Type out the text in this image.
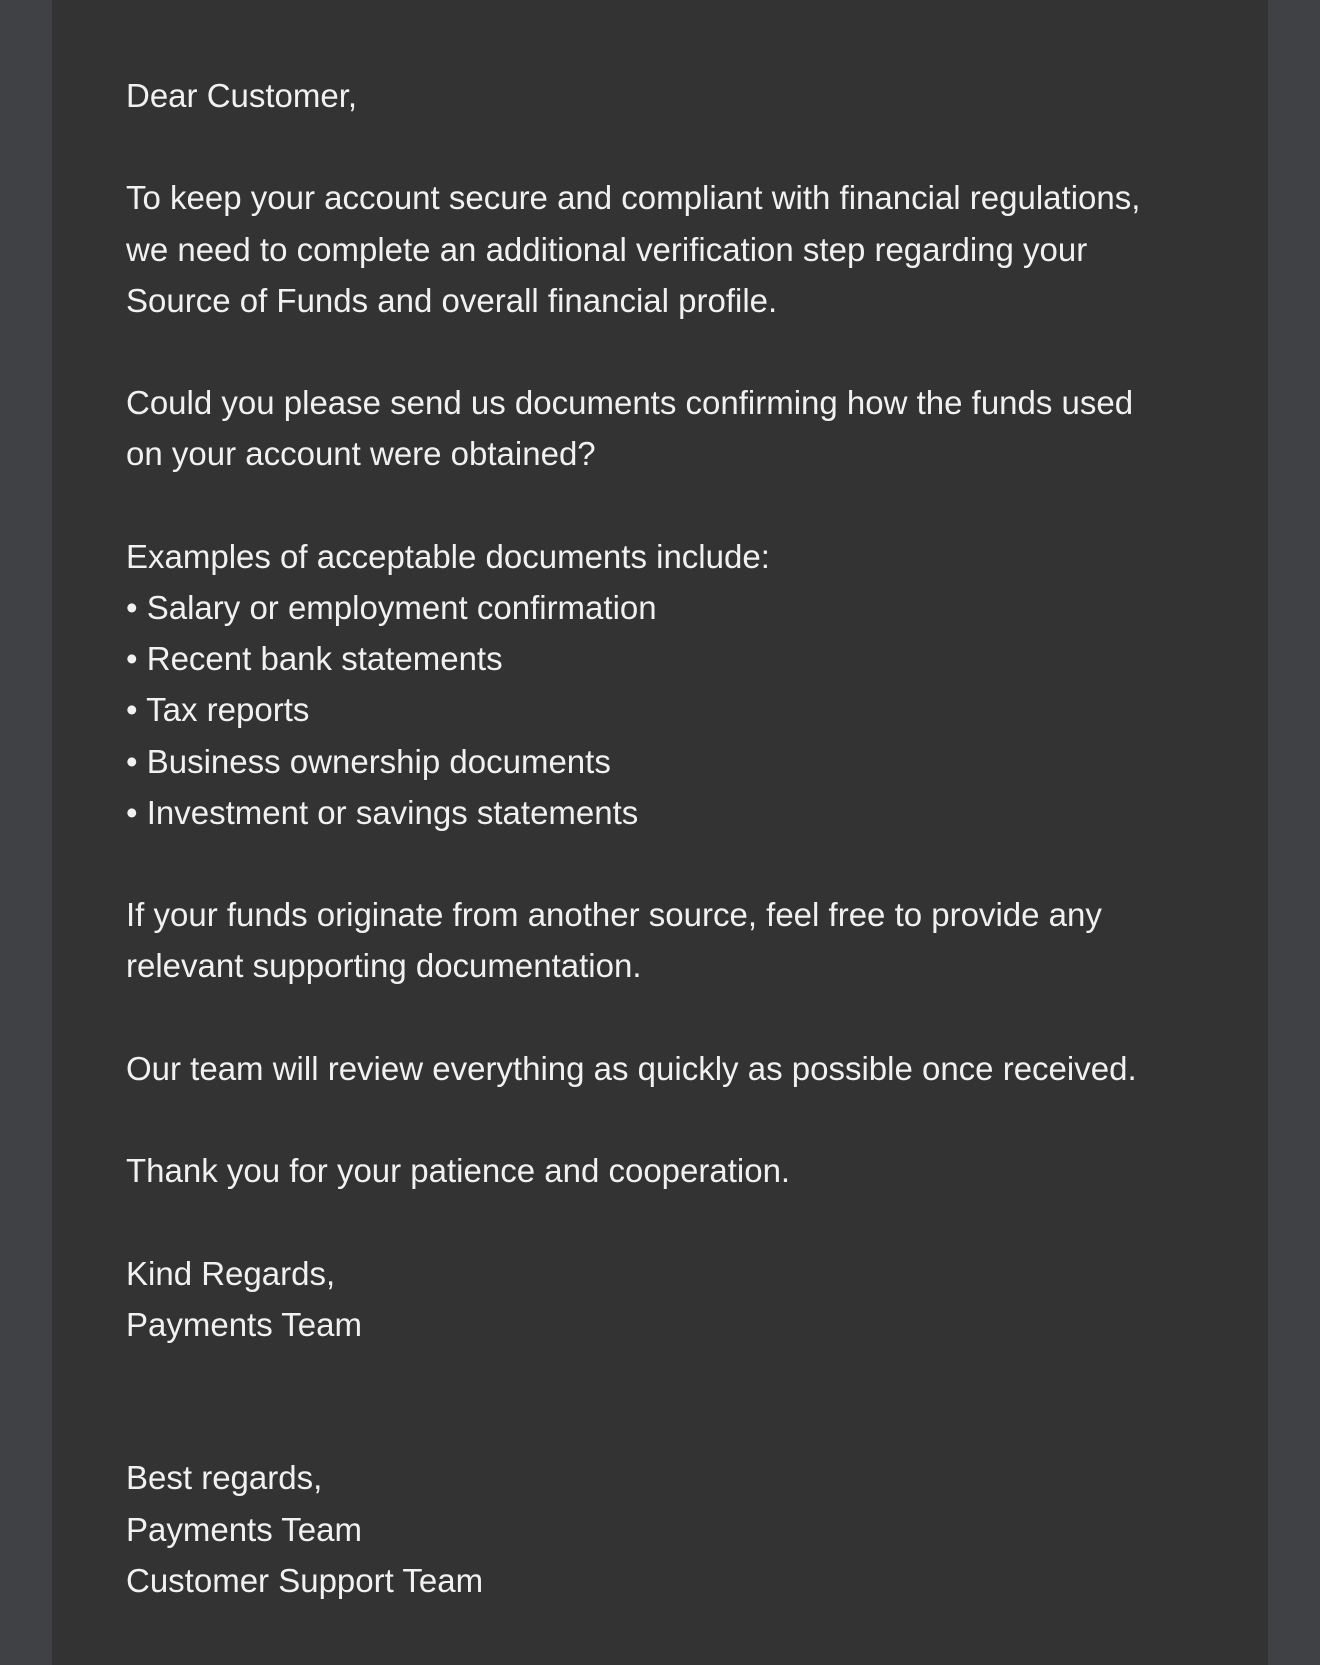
Dear Customer,
To keep your account secure and compliant with financial regulations,
we need to complete an additional verification step regarding your
Source of Funds and overall financial profile.
Could you please send us documents confirming how the funds used
on your account were obtained?
Examples of acceptable documents include:
• Salary or employment confirmation
• Recent bank statements
• Tax reports
• Business ownership documents
• Investment or savings statements
If your funds originate from another source, feel free to provide any
relevant supporting documentation.
Our team will review everything as quickly as possible once received.
Thank you for your patience and cooperation.
Kind Regards,
Payments Team
Best regards,
Payments Team
Customer Support Team
